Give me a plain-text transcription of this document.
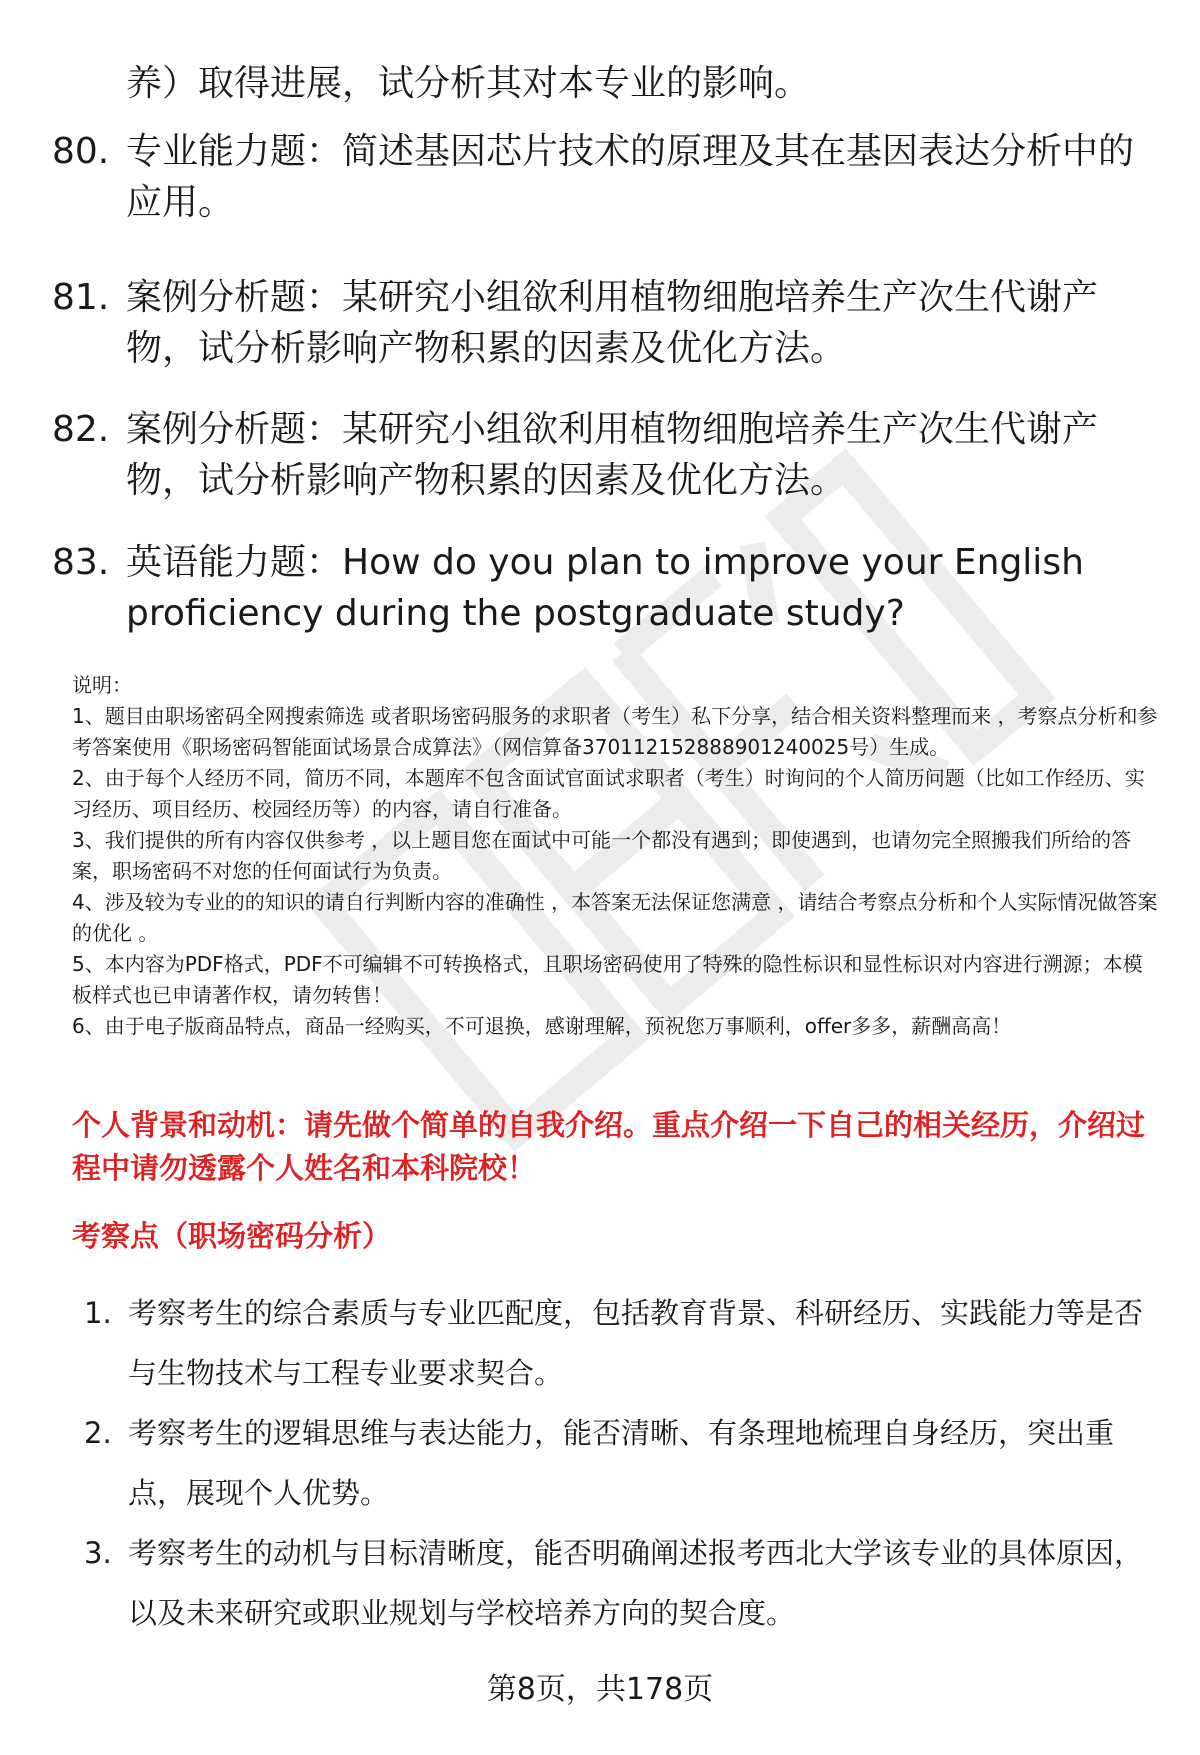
养）取得进展，试分析其对本专业的影响。
80. 专业能力题：简述基因芯片技术的原理及其在基因表达分析中的应用。
81. 案例分析题：某研究小组欲利用植物细胞培养生产次生代谢产物，试分析影响产物积累的因素及优化方法。
82. 案例分析题：某研究小组欲利用植物细胞培养生产次生代谢产物，试分析影响产物积累的因素及优化方法。
83. 英语能力题：How do you plan to improve your English proficiency during the postgraduate study?

说明：

1、题目由职场密码全网搜索筛选 或者职场密码服务的求职者（考生）私下分享，结合相关资料整理而来 ，考察点分析和参考答案使用《职场密码智能面试场景合成算法》（网信算备370112152888901240025号）生成。

2、由于每个人经历不同，简历不同，本题库不包含面试官面试求职者（考生）时询问的个人简历问题（比如工作经历、实习经历、项目经历、校园经历等）的内容，请自行准备。

3、我们提供的所有内容仅供参考 ，以上题目您在面试中可能一个都没有遇到；即使遇到，也请勿完全照搬我们所给的答案，职场密码不对您的任何面试行为负责。

4、涉及较为专业的的知识的请自行判断内容的准确性 ，本答案无法保证您满意 ，请结合考察点分析和个人实际情况做答案的优化 。

5、本内容为PDF格式，PDF不可编辑不可转换格式，且职场密码使用了特殊的隐性标识和显性标识对内容进行溯源；本模板样式也已申请著作权，请勿转售！

6、由于电子版商品特点，商品一经购买，不可退换，感谢理解，预祝您万事顺利，offer多多，薪酬高高！

个人背景和动机：请先做个简单的自我介绍。重点介绍一下自己的相关经历，介绍过程中请勿透露个人姓名和本科院校！
考察点（职场密码分析）
1. 考察考生的综合素质与专业匹配度，包括教育背景、科研经历、实践能力等是否与生物技术与工程专业要求契合。
2. 考察考生的逻辑思维与表达能力，能否清晰、有条理地梳理自身经历，突出重点，展现个人优势。
3. 考察考生的动机与目标清晰度，能否明确阐述报考西北大学该专业的具体原因，以及未来研究或职业规划与学校培养方向的契合度。
第8页，共178页
